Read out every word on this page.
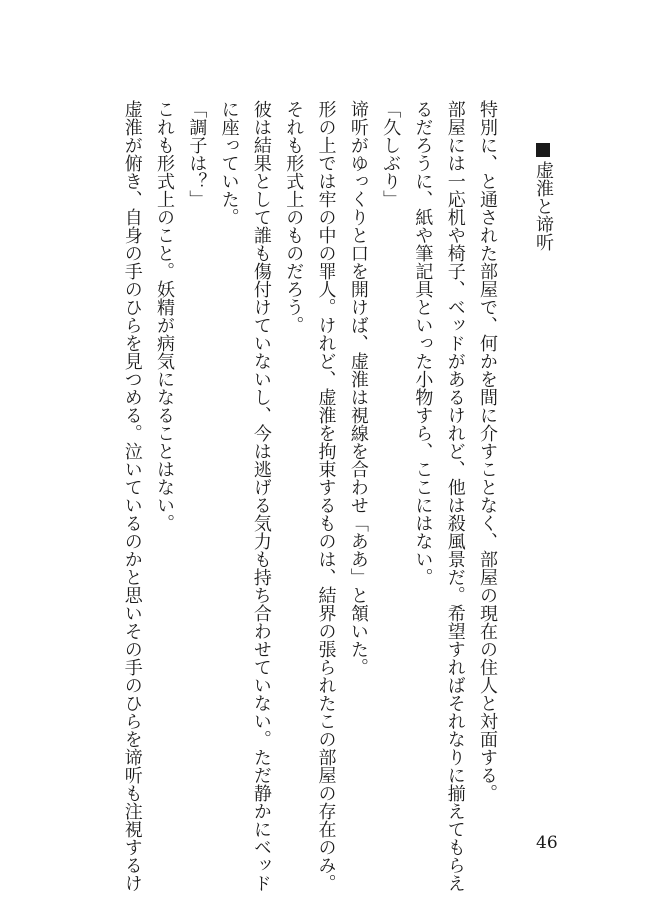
虚淮と谛听

特別に、と通された部屋で、何かを間に介すことなく、部屋の現在の住人と対面する。

部屋には一応机や椅子、ベッドがあるけれど、他は殺風景だ。希望すればそれなりに揃えてもらえ

るだろうに、紙や筆記具といった小物すら、ここにはない。

「久しぶり」

谛听がゆっくりと口を開けば、虚淮は視線を合わせ「ああ」と頷いた。

形の上では牢の中の罪人。けれど、虚淮を拘束するものは、結界の張られたこの部屋の存在のみ。

それも形式上のものだろう。

彼は結果として誰も傷付けていないし、今は逃げる気力も持ち合わせていない。ただ静かにベッド

に座っていた。

「調子は？」

これも形式上のこと。妖精が病気になることはない。

虚淮が俯き、自身の手のひらを見つめる。泣いているのかと思いその手のひらを谛听も注視するけ	46
